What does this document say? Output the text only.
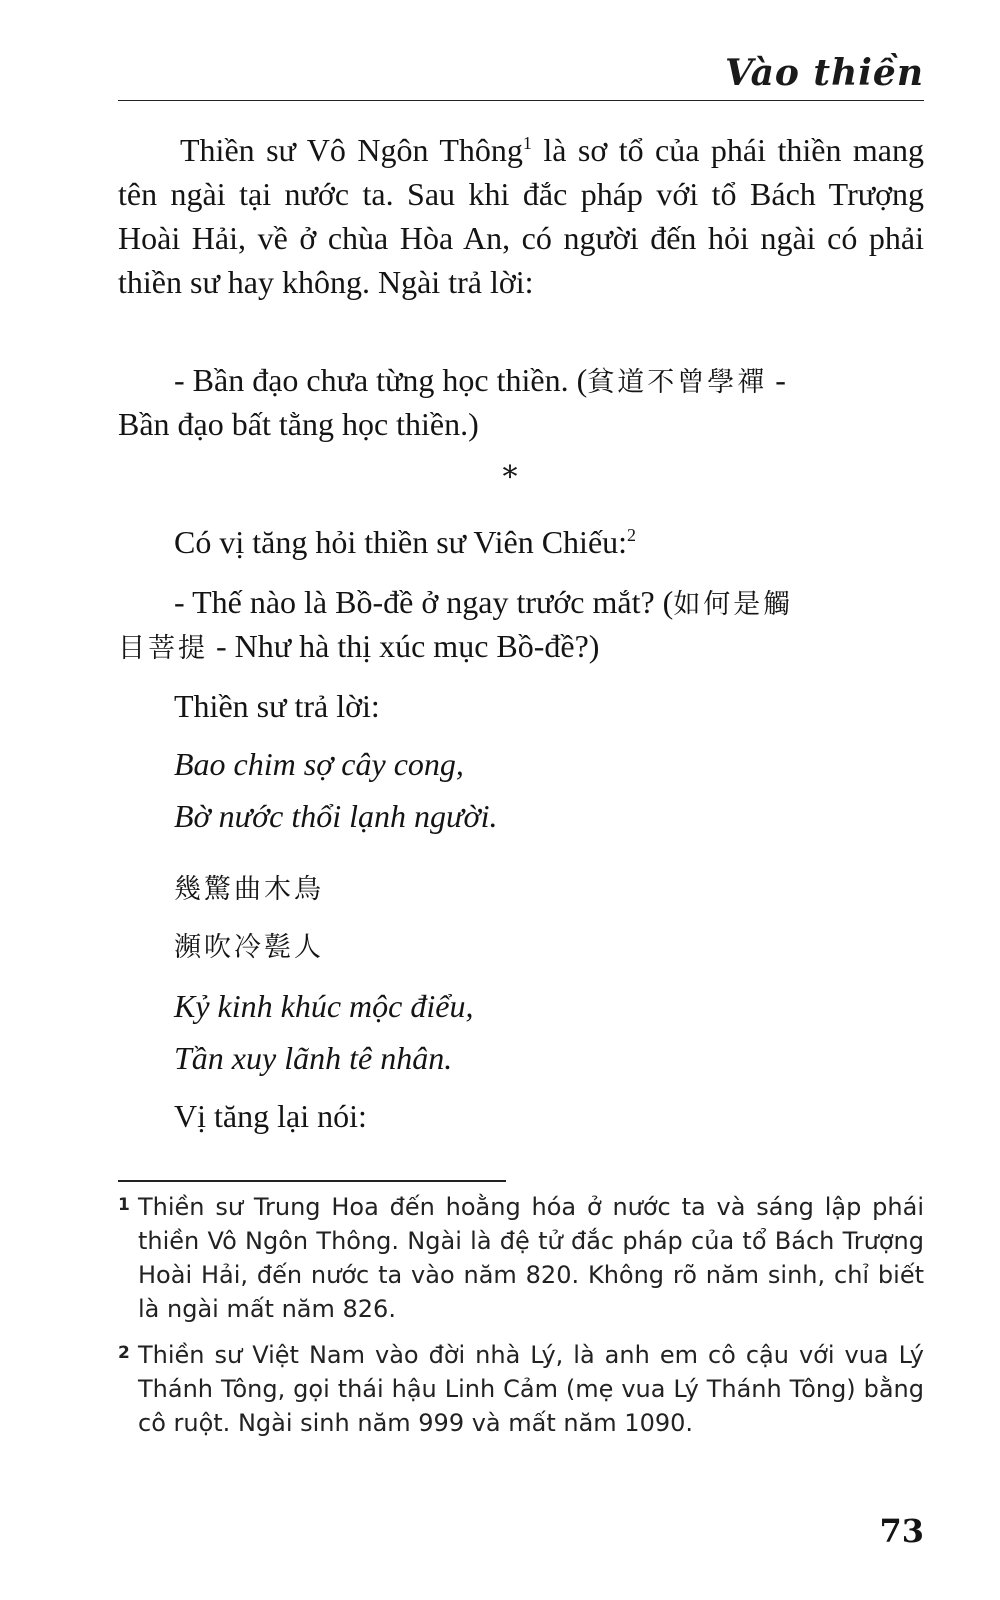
Vào thiền

Thiền sư Vô Ngôn Thông$^1$ là sơ tổ của phái thiền mang tên ngài tại nước ta. Sau khi đắc pháp với tổ Bách Trượng Hoài Hải, về ở chùa Hòa An, có người đến hỏi ngài có phải thiền sư hay không. Ngài trả lời:

- Bần đạo chưa từng học thiền. (貧道不曾學禪 -

Bần đạo bất tằng học thiền.)

*

Có vị tăng hỏi thiền sư Viên Chiếu:$^2$

- Thế nào là Bồ-đề ở ngay trước mắt? (如何是觸

目菩提 - Như hà thị xúc mục Bồ-đề?)

Thiền sư trả lời:

Bao chim sợ cây cong,

Bờ nước thổi lạnh người.

幾驚曲木鳥

瀕吹冷甏人

Kỷ kinh khúc mộc điểu,

Tần xuy lãnh tê nhân.

Vị tăng lại nói:

1 Thiền sư Trung Hoa đến hoằng hóa ở nước ta và sáng lập phái thiền Vô Ngôn Thông. Ngài là đệ tử đắc pháp của tổ Bách Trượng Hoài Hải, đến nước ta vào năm 820. Không rõ năm sinh, chỉ biết là ngài mất năm 826.

2 Thiền sư Việt Nam vào đời nhà Lý, là anh em cô cậu với vua Lý Thánh Tông, gọi thái hậu Linh Cảm (mẹ vua Lý Thánh Tông) bằng cô ruột. Ngài sinh năm 999 và mất năm 1090.

73
